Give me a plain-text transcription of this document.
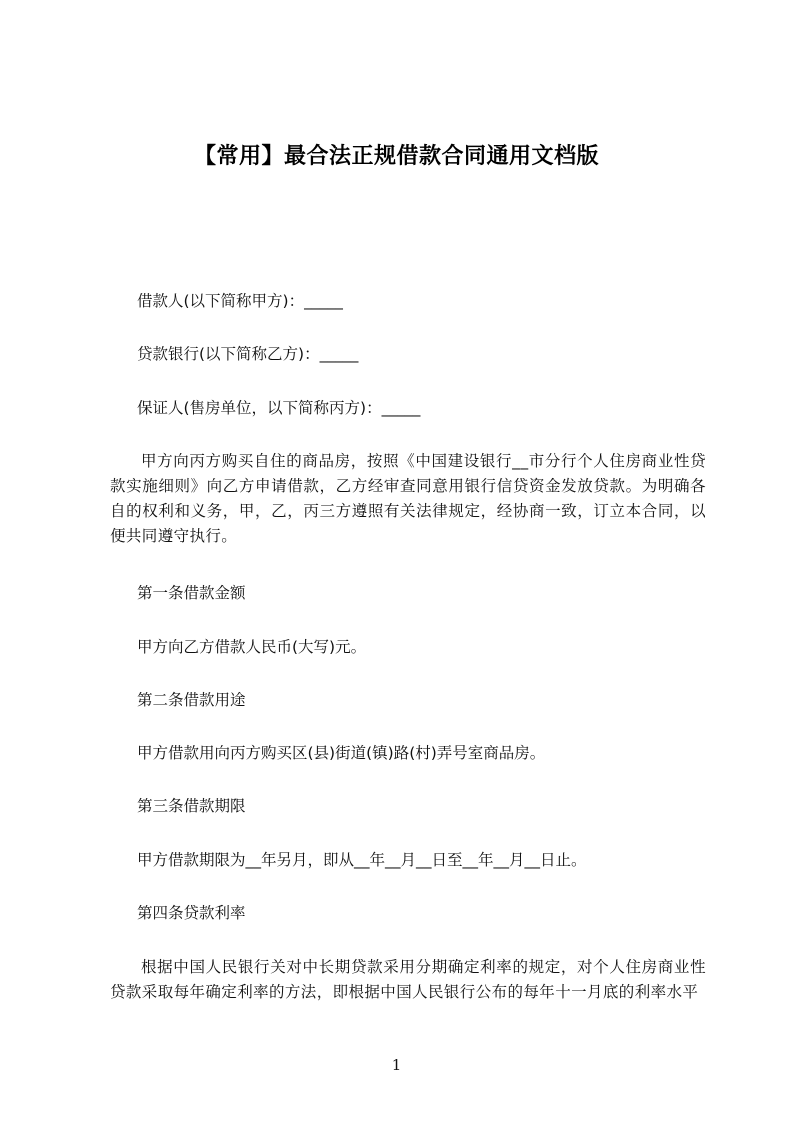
【常用】最合法正规借款合同通用文档版
借款人(以下简称甲方)：_____
贷款银行(以下简称乙方)：_____
保证人(售房单位，以下简称丙方)：_____
甲方向丙方购买自住的商品房，按照《中国建设银行__市分行个人住房商业性贷款实施细则》向乙方申请借款，乙方经审查同意用银行信贷资金发放贷款。为明确各自的权利和义务，甲，乙，丙三方遵照有关法律规定，经协商一致，订立本合同，以便共同遵守执行。
第一条借款金额
甲方向乙方借款人民币(大写)元。
第二条借款用途
甲方借款用向丙方购买区(县)街道(镇)路(村)弄号室商品房。
第三条借款期限
甲方借款期限为__年另月，即从__年__月__日至__年__月__日止。
第四条贷款利率
根据中国人民银行关对中长期贷款采用分期确定利率的规定，对个人住房商业性贷款采取每年确定利率的方法，即根据中国人民银行公布的每年十一月底的利率水平
1
